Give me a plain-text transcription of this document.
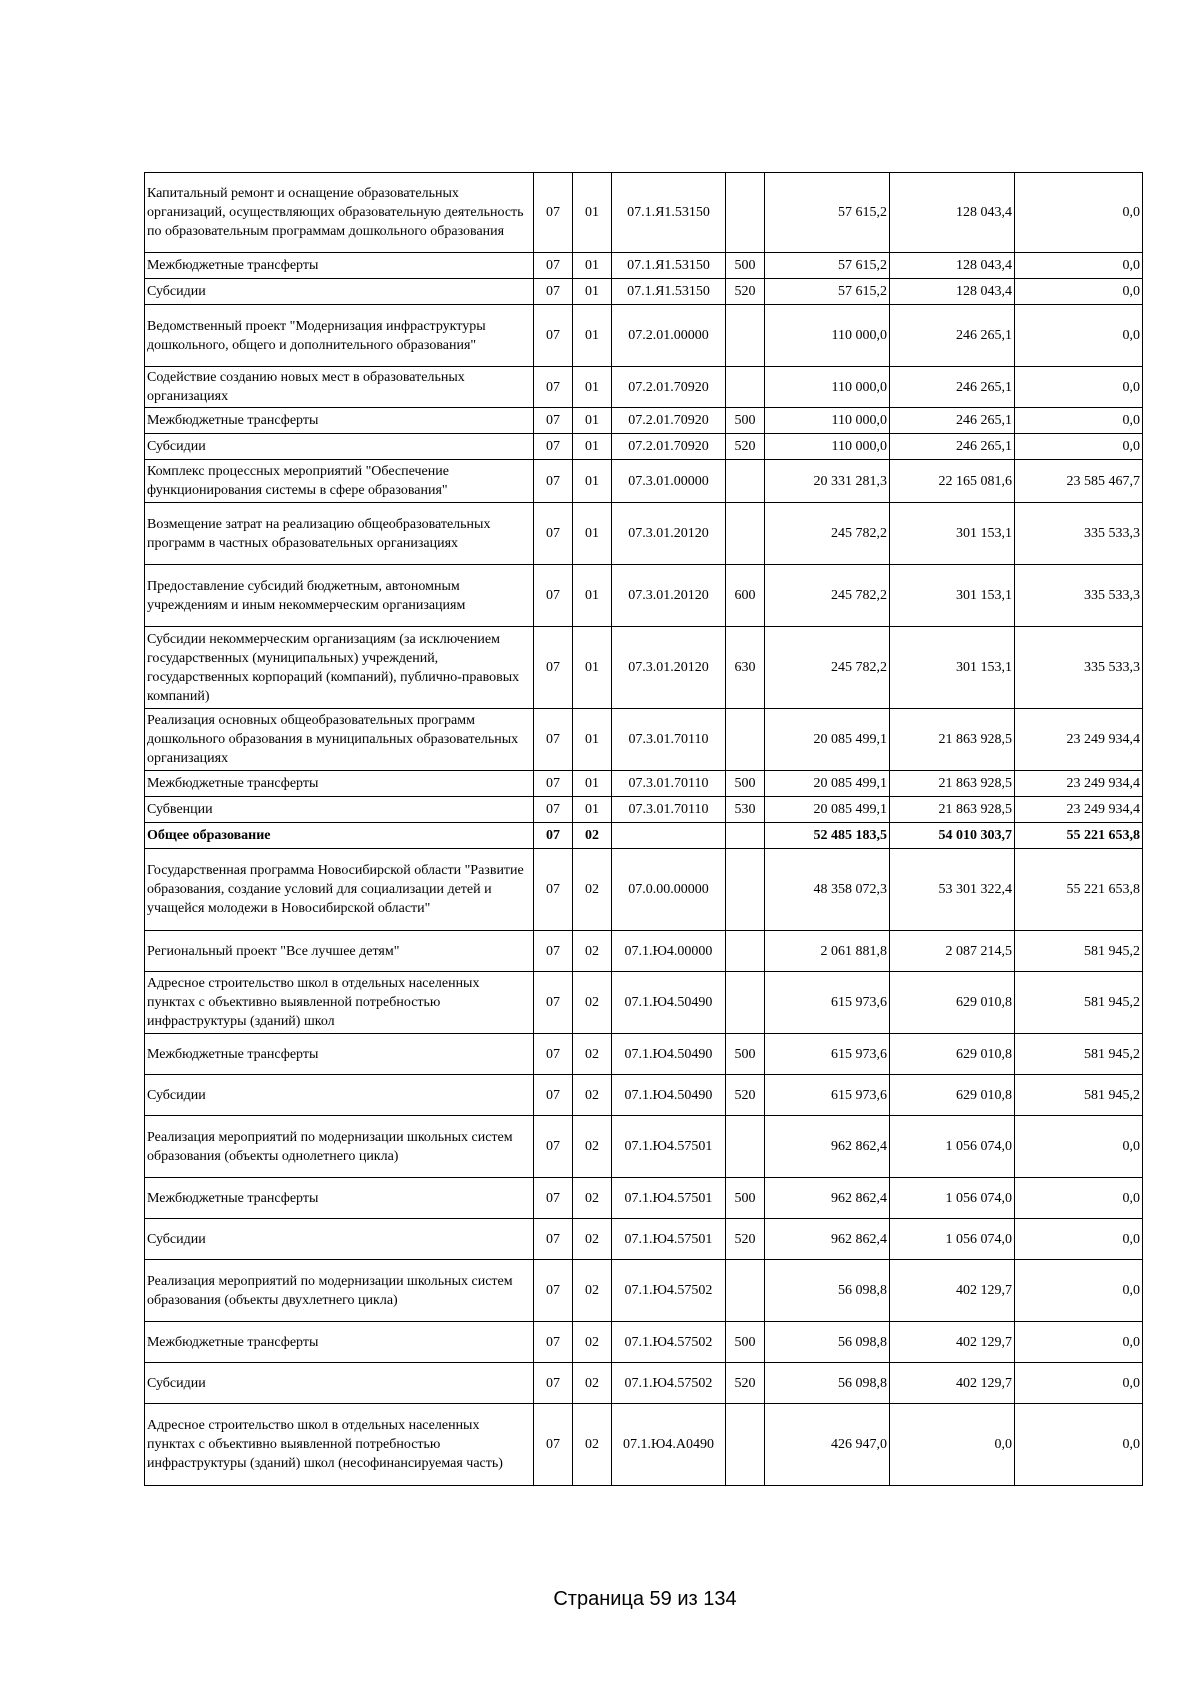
Капитальный ремонт и оснащение образовательных организаций, осуществляющих образовательную деятельность по образовательным программам дошкольного образования	07	01	07.1.Я1.53150		57 615,2	128 043,4	0,0
Межбюджетные трансферты	07	01	07.1.Я1.53150	500	57 615,2	128 043,4	0,0
Субсидии	07	01	07.1.Я1.53150	520	57 615,2	128 043,4	0,0
Ведомственный проект "Модернизация инфраструктуры дошкольного, общего и дополнительного образования"	07	01	07.2.01.00000		110 000,0	246 265,1	0,0
Содействие созданию новых мест в образовательных организациях	07	01	07.2.01.70920		110 000,0	246 265,1	0,0
Межбюджетные трансферты	07	01	07.2.01.70920	500	110 000,0	246 265,1	0,0
Субсидии	07	01	07.2.01.70920	520	110 000,0	246 265,1	0,0
Комплекс процессных мероприятий "Обеспечение функционирования системы в сфере образования"	07	01	07.3.01.00000		20 331 281,3	22 165 081,6	23 585 467,7
Возмещение затрат на реализацию общеобразовательных программ в частных образовательных организациях	07	01	07.3.01.20120		245 782,2	301 153,1	335 533,3
Предоставление субсидий бюджетным, автономным учреждениям и иным некоммерческим организациям	07	01	07.3.01.20120	600	245 782,2	301 153,1	335 533,3
Субсидии некоммерческим организациям (за исключением государственных (муниципальных) учреждений, государственных корпораций (компаний), публично-правовых компаний)	07	01	07.3.01.20120	630	245 782,2	301 153,1	335 533,3
Реализация основных общеобразовательных программ дошкольного образования в муниципальных образовательных организациях	07	01	07.3.01.70110		20 085 499,1	21 863 928,5	23 249 934,4
Межбюджетные трансферты	07	01	07.3.01.70110	500	20 085 499,1	21 863 928,5	23 249 934,4
Субвенции	07	01	07.3.01.70110	530	20 085 499,1	21 863 928,5	23 249 934,4
Общее образование	07	02			52 485 183,5	54 010 303,7	55 221 653,8
Государственная программа Новосибирской области "Развитие образования, создание условий для социализации детей и учащейся молодежи в Новосибирской области"	07	02	07.0.00.00000		48 358 072,3	53 301 322,4	55 221 653,8
Региональный проект "Все лучшее детям"	07	02	07.1.Ю4.00000		2 061 881,8	2 087 214,5	581 945,2
Адресное строительство школ в отдельных населенных пунктах с объективно выявленной потребностью инфраструктуры (зданий) школ	07	02	07.1.Ю4.50490		615 973,6	629 010,8	581 945,2
Межбюджетные трансферты	07	02	07.1.Ю4.50490	500	615 973,6	629 010,8	581 945,2
Субсидии	07	02	07.1.Ю4.50490	520	615 973,6	629 010,8	581 945,2
Реализация мероприятий по модернизации школьных систем образования (объекты однолетнего цикла)	07	02	07.1.Ю4.57501		962 862,4	1 056 074,0	0,0
Межбюджетные трансферты	07	02	07.1.Ю4.57501	500	962 862,4	1 056 074,0	0,0
Субсидии	07	02	07.1.Ю4.57501	520	962 862,4	1 056 074,0	0,0
Реализация мероприятий по модернизации школьных систем образования (объекты двухлетнего цикла)	07	02	07.1.Ю4.57502		56 098,8	402 129,7	0,0
Межбюджетные трансферты	07	02	07.1.Ю4.57502	500	56 098,8	402 129,7	0,0
Субсидии	07	02	07.1.Ю4.57502	520	56 098,8	402 129,7	0,0
Адресное строительство школ в отдельных населенных пунктах с объективно выявленной потребностью инфраструктуры (зданий) школ (несофинансируемая часть)	07	02	07.1.Ю4.А0490		426 947,0	0,0	0,0
Страница 59 из 134
